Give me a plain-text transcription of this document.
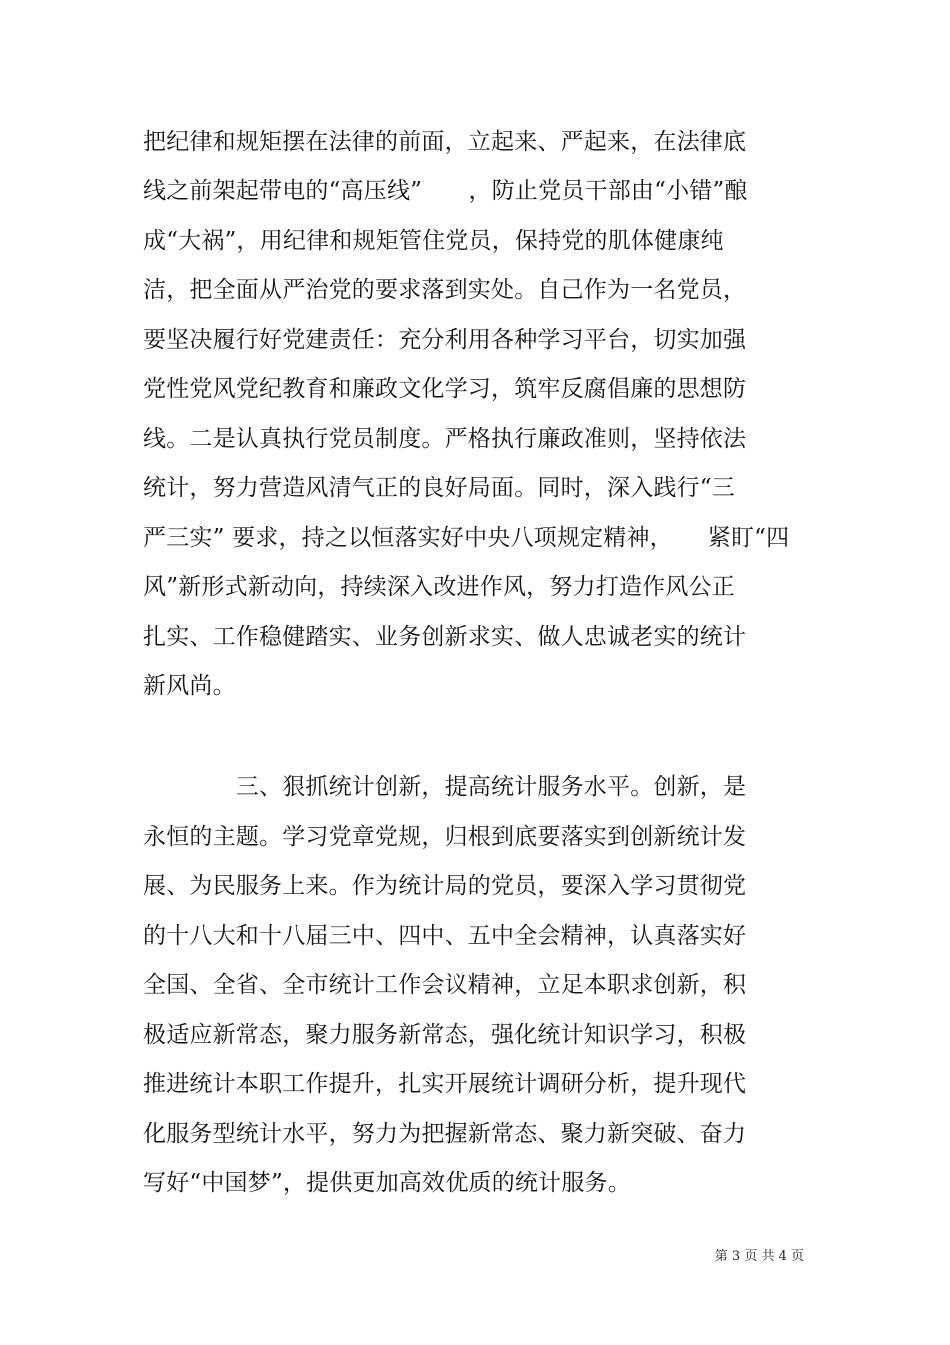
把纪律和规矩摆在法律的前面，立起来、严起来，在法律底
线之前架起带电的“高压线”　　，防止党员干部由“小错”酿
成“大祸”，用纪律和规矩管住党员，保持党的肌体健康纯
洁，把全面从严治党的要求落到实处。自己作为一名党员，
要坚决履行好党建责任：充分利用各种学习平台，切实加强
党性党风党纪教育和廉政文化学习，筑牢反腐倡廉的思想防
线。二是认真执行党员制度。严格执行廉政准则，坚持依法
统计，努力营造风清气正的良好局面。同时，深入践行“三
严三实” 要求，持之以恒落实好中央八项规定精神，　　紧盯“四
风”新形式新动向，持续深入改进作风，努力打造作风公正
扎实、工作稳健踏实、业务创新求实、做人忠诚老实的统计
新风尚。
　　　　三、狠抓统计创新，提高统计服务水平。创新，是
永恒的主题。学习党章党规，归根到底要落实到创新统计发
展、为民服务上来。作为统计局的党员，要深入学习贯彻党
的十八大和十八届三中、四中、五中全会精神，认真落实好
全国、全省、全市统计工作会议精神，立足本职求创新，积
极适应新常态，聚力服务新常态，强化统计知识学习，积极
推进统计本职工作提升，扎实开展统计调研分析，提升现代
化服务型统计水平，努力为把握新常态、聚力新突破、奋力
写好“中国梦”，提供更加高效优质的统计服务。
第 3 页 共 4 页
